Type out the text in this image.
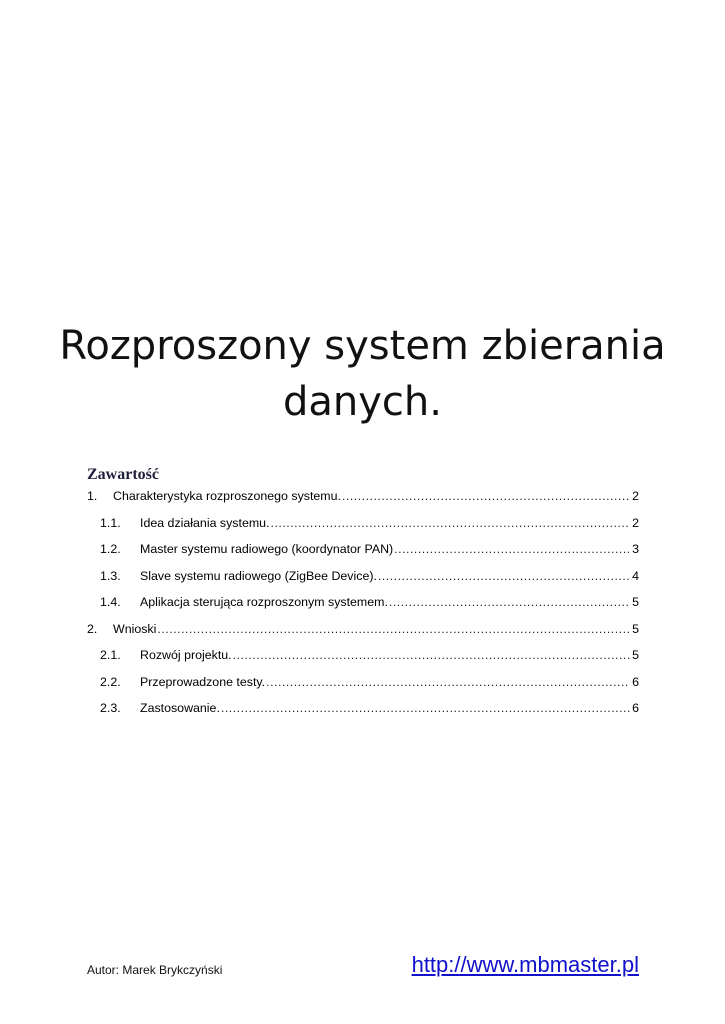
Rozproszony system zbierania
danych.
Zawartość
1.	Charakterystyka rozproszonego systemu. .....	2
1.1.	Idea działania systemu. .....	2
1.2.	Master systemu radiowego (koordynator PAN) .....	3
1.3.	Slave systemu radiowego (ZigBee Device). .....	4
1.4.	Aplikacja sterująca rozproszonym systemem. .....	5
2.	Wnioski .....	5
2.1.	Rozwój projektu. .....	5
2.2.	Przeprowadzone testy. .....	6
2.3.	Zastosowanie. .....	6
Autor: Marek Brykczyński	http://www.mbmaster.pl
